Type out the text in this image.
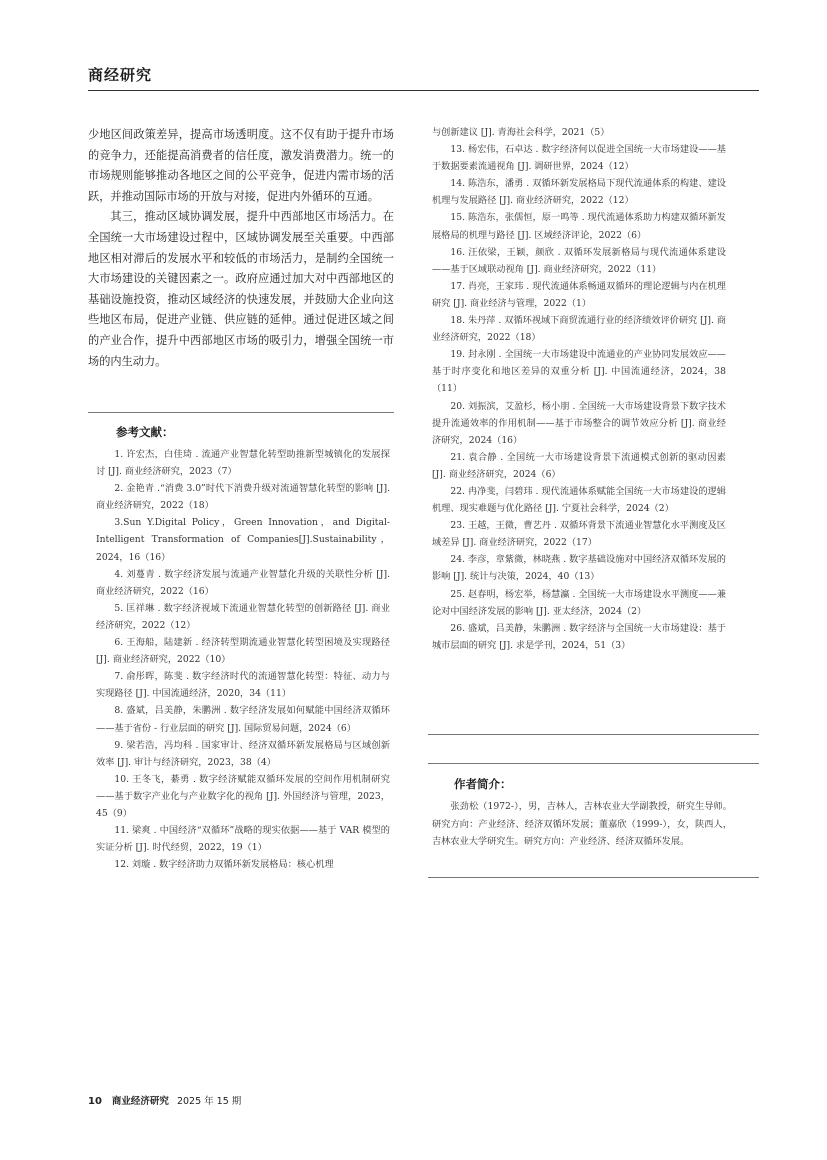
商经研究

少地区间政策差异，提高市场透明度。这不仅有助于提升市场的竞争力，还能提高消费者的信任度，激发消费潜力。统一的市场规则能够推动各地区之间的公平竞争，促进内需市场的活跃，并推动国际市场的开放与对接，促进内外循环的互通。

其三，推动区域协调发展，提升中西部地区市场活力。在全国统一大市场建设过程中，区域协调发展至关重要。中西部地区相对滞后的发展水平和较低的市场活力，是制约全国统一大市场建设的关键因素之一。政府应通过加大对中西部地区的基础设施投资，推动区域经济的快速发展，并鼓励大企业向这些地区布局，促进产业链、供应链的延伸。通过促进区域之间的产业合作，提升中西部地区市场的吸引力，增强全国统一市场的内生动力。

参考文献：

1. 许宏杰，白佳琦 . 流通产业智慧化转型助推新型城镇化的发展探讨 [J]. 商业经济研究，2023（7）

2. 金艳青 .“消费 3.0”时代下消费升级对流通智慧化转型的影响 [J]. 商业经济研究，2022（18）

3.Sun Y.Digital Policy，Green Innovation，and Digital-Intelligent Transformation of Companies[J].Sustainability，2024，16（16）

4. 刘蔓青 . 数字经济发展与流通产业智慧化升级的关联性分析 [J]. 商业经济研究，2022（16）

5. 匡祥琳 . 数字经济视域下流通业智慧化转型的创新路径 [J]. 商业经济研究，2022（12）

6. 王海船，陆建新 . 经济转型期流通业智慧化转型困境及实现路径 [J]. 商业经济研究，2022（10）

7. 俞彤晖，陈斐 . 数字经济时代的流通智慧化转型：特征、动力与实现路径 [J]. 中国流通经济，2020，34（11）

8. 盛斌，吕美静，朱鹏洲 . 数字经济发展如何赋能中国经济双循环——基于省份 - 行业层面的研究 [J]. 国际贸易问题，2024（6）

9. 梁若浩，冯均科 . 国家审计、经济双循环新发展格局与区域创新效率 [J]. 审计与经济研究，2023，38（4）

10. 王冬飞，綦勇 . 数字经济赋能双循环发展的空间作用机制研究——基于数字产业化与产业数字化的视角 [J]. 外国经济与管理，2023，45（9）

11. 梁爽 . 中国经济“双循环”战略的现实依据——基于 VAR 模型的实证分析 [J]. 时代经贸，2022，19（1）

12. 刘璇 . 数字经济助力双循环新发展格局：核心机理

与创新建议 [J]. 青海社会科学，2021（5）

13. 杨宏伟，石卓达 . 数字经济何以促进全国统一大市场建设——基于数据要素流通视角 [J]. 调研世界，2024（12）

14. 陈浩东，潘勇 . 双循环新发展格局下现代流通体系的构建、建设机理与发展路径 [J]. 商业经济研究，2022（12）

15. 陈浩东，张儒恒，原一鸣等 . 现代流通体系助力构建双循环新发展格局的机理与路径 [J]. 区域经济评论，2022（6）

16. 汪依梁，王颖，颜欣 . 双循环发展新格局与现代流通体系建设——基于区域联动视角 [J]. 商业经济研究，2022（11）

17. 肖亮，王家玮 . 现代流通体系畅通双循环的理论逻辑与内在机理研究 [J]. 商业经济与管理，2022（1）

18. 朱丹萍 . 双循环视域下商贸流通行业的经济绩效评价研究 [J]. 商业经济研究，2022（18）

19. 封永刚 . 全国统一大市场建设中流通业的产业协同发展效应——基于时序变化和地区差异的双重分析 [J]. 中国流通经济，2024，38（11）

20. 刘振滨，艾盈杉，杨小朋 . 全国统一大市场建设背景下数字技术提升流通效率的作用机制——基于市场整合的调节效应分析 [J]. 商业经济研究，2024（16）

21. 袁合静 . 全国统一大市场建设背景下流通模式创新的驱动因素 [J]. 商业经济研究，2024（6）

22. 冉净斐，闫碧玮 . 现代流通体系赋能全国统一大市场建设的逻辑机理、现实难题与优化路径 [J]. 宁夏社会科学，2024（2）

23. 王越，王微，曹艺丹 . 双循环背景下流通业智慧化水平测度及区域差异 [J]. 商业经济研究，2022（17）

24. 李彦，章紫微，林晓燕 . 数字基础设施对中国经济双循环发展的影响 [J]. 统计与决策，2024，40（13）

25. 赵春明，杨宏举，杨慧瀛 . 全国统一大市场建设水平测度——兼论对中国经济发展的影响 [J]. 亚太经济，2024（2）

26. 盛斌，吕美静，朱鹏洲 . 数字经济与全国统一大市场建设：基于城市层面的研究 [J]. 求是学刊，2024，51（3）

作者简介：

张劲松（1972-），男，吉林人，吉林农业大学副教授，研究生导师。研究方向：产业经济、经济双循环发展；董嘉欣（1999-），女，陕西人，吉林农业大学研究生。研究方向：产业经济、经济双循环发展。

10 商业经济研究 2025 年 15 期
